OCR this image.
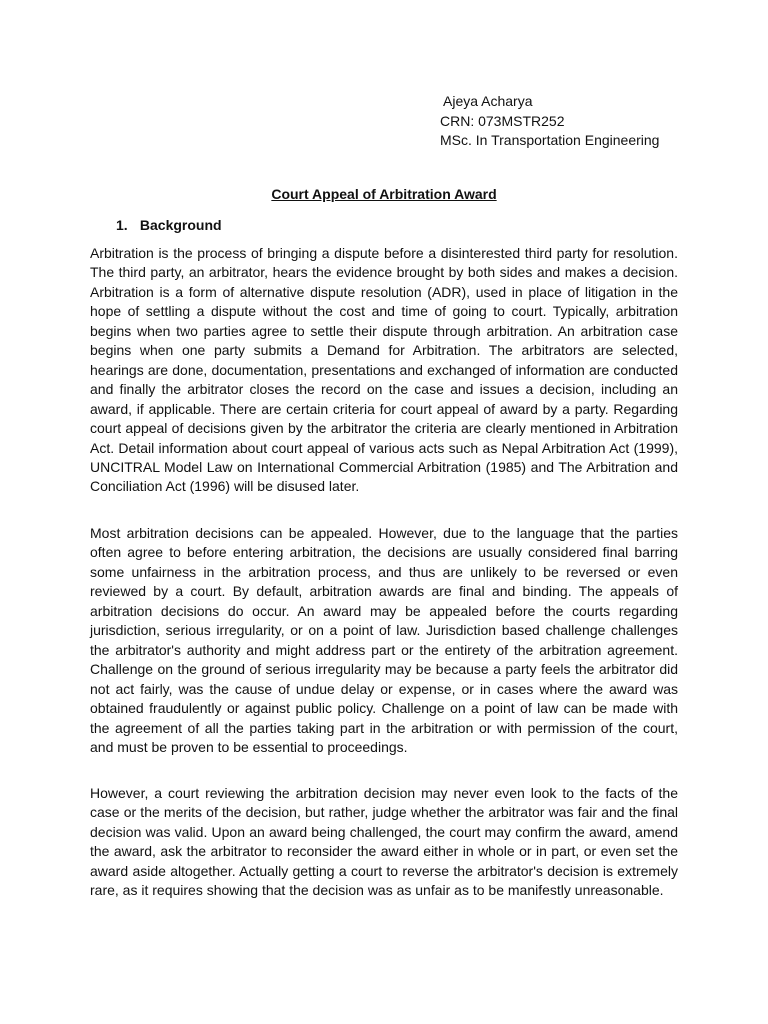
Ajeya Acharya
CRN: 073MSTR252
MSc. In Transportation Engineering
Court Appeal of Arbitration Award
1. Background

Arbitration is the process of bringing a dispute before a disinterested third party for resolution. The third party, an arbitrator, hears the evidence brought by both sides and makes a decision. Arbitration is a form of alternative dispute resolution (ADR), used in place of litigation in the hope of settling a dispute without the cost and time of going to court. Typically, arbitration begins when two parties agree to settle their dispute through arbitration. An arbitration case begins when one party submits a Demand for Arbitration. The arbitrators are selected, hearings are done, documentation, presentations and exchanged of information are conducted and finally the arbitrator closes the record on the case and issues a decision, including an award, if applicable. There are certain criteria for court appeal of award by a party. Regarding court appeal of decisions given by the arbitrator the criteria are clearly mentioned in Arbitration Act. Detail information about court appeal of various acts such as Nepal Arbitration Act (1999), UNCITRAL Model Law on International Commercial Arbitration (1985) and The Arbitration and Conciliation Act (1996) will be disused later.

Most arbitration decisions can be appealed. However, due to the language that the parties often agree to before entering arbitration, the decisions are usually considered final barring some unfairness in the arbitration process, and thus are unlikely to be reversed or even reviewed by a court. By default, arbitration awards are final and binding. The appeals of arbitration decisions do occur. An award may be appealed before the courts regarding jurisdiction, serious irregularity, or on a point of law. Jurisdiction based challenge challenges the arbitrator's authority and might address part or the entirety of the arbitration agreement. Challenge on the ground of serious irregularity may be because a party feels the arbitrator did not act fairly, was the cause of undue delay or expense, or in cases where the award was obtained fraudulently or against public policy. Challenge on a point of law can be made with the agreement of all the parties taking part in the arbitration or with permission of the court, and must be proven to be essential to proceedings.

However, a court reviewing the arbitration decision may never even look to the facts of the case or the merits of the decision, but rather, judge whether the arbitrator was fair and the final decision was valid. Upon an award being challenged, the court may confirm the award, amend the award, ask the arbitrator to reconsider the award either in whole or in part, or even set the award aside altogether. Actually getting a court to reverse the arbitrator's decision is extremely rare, as it requires showing that the decision was as unfair as to be manifestly unreasonable.
